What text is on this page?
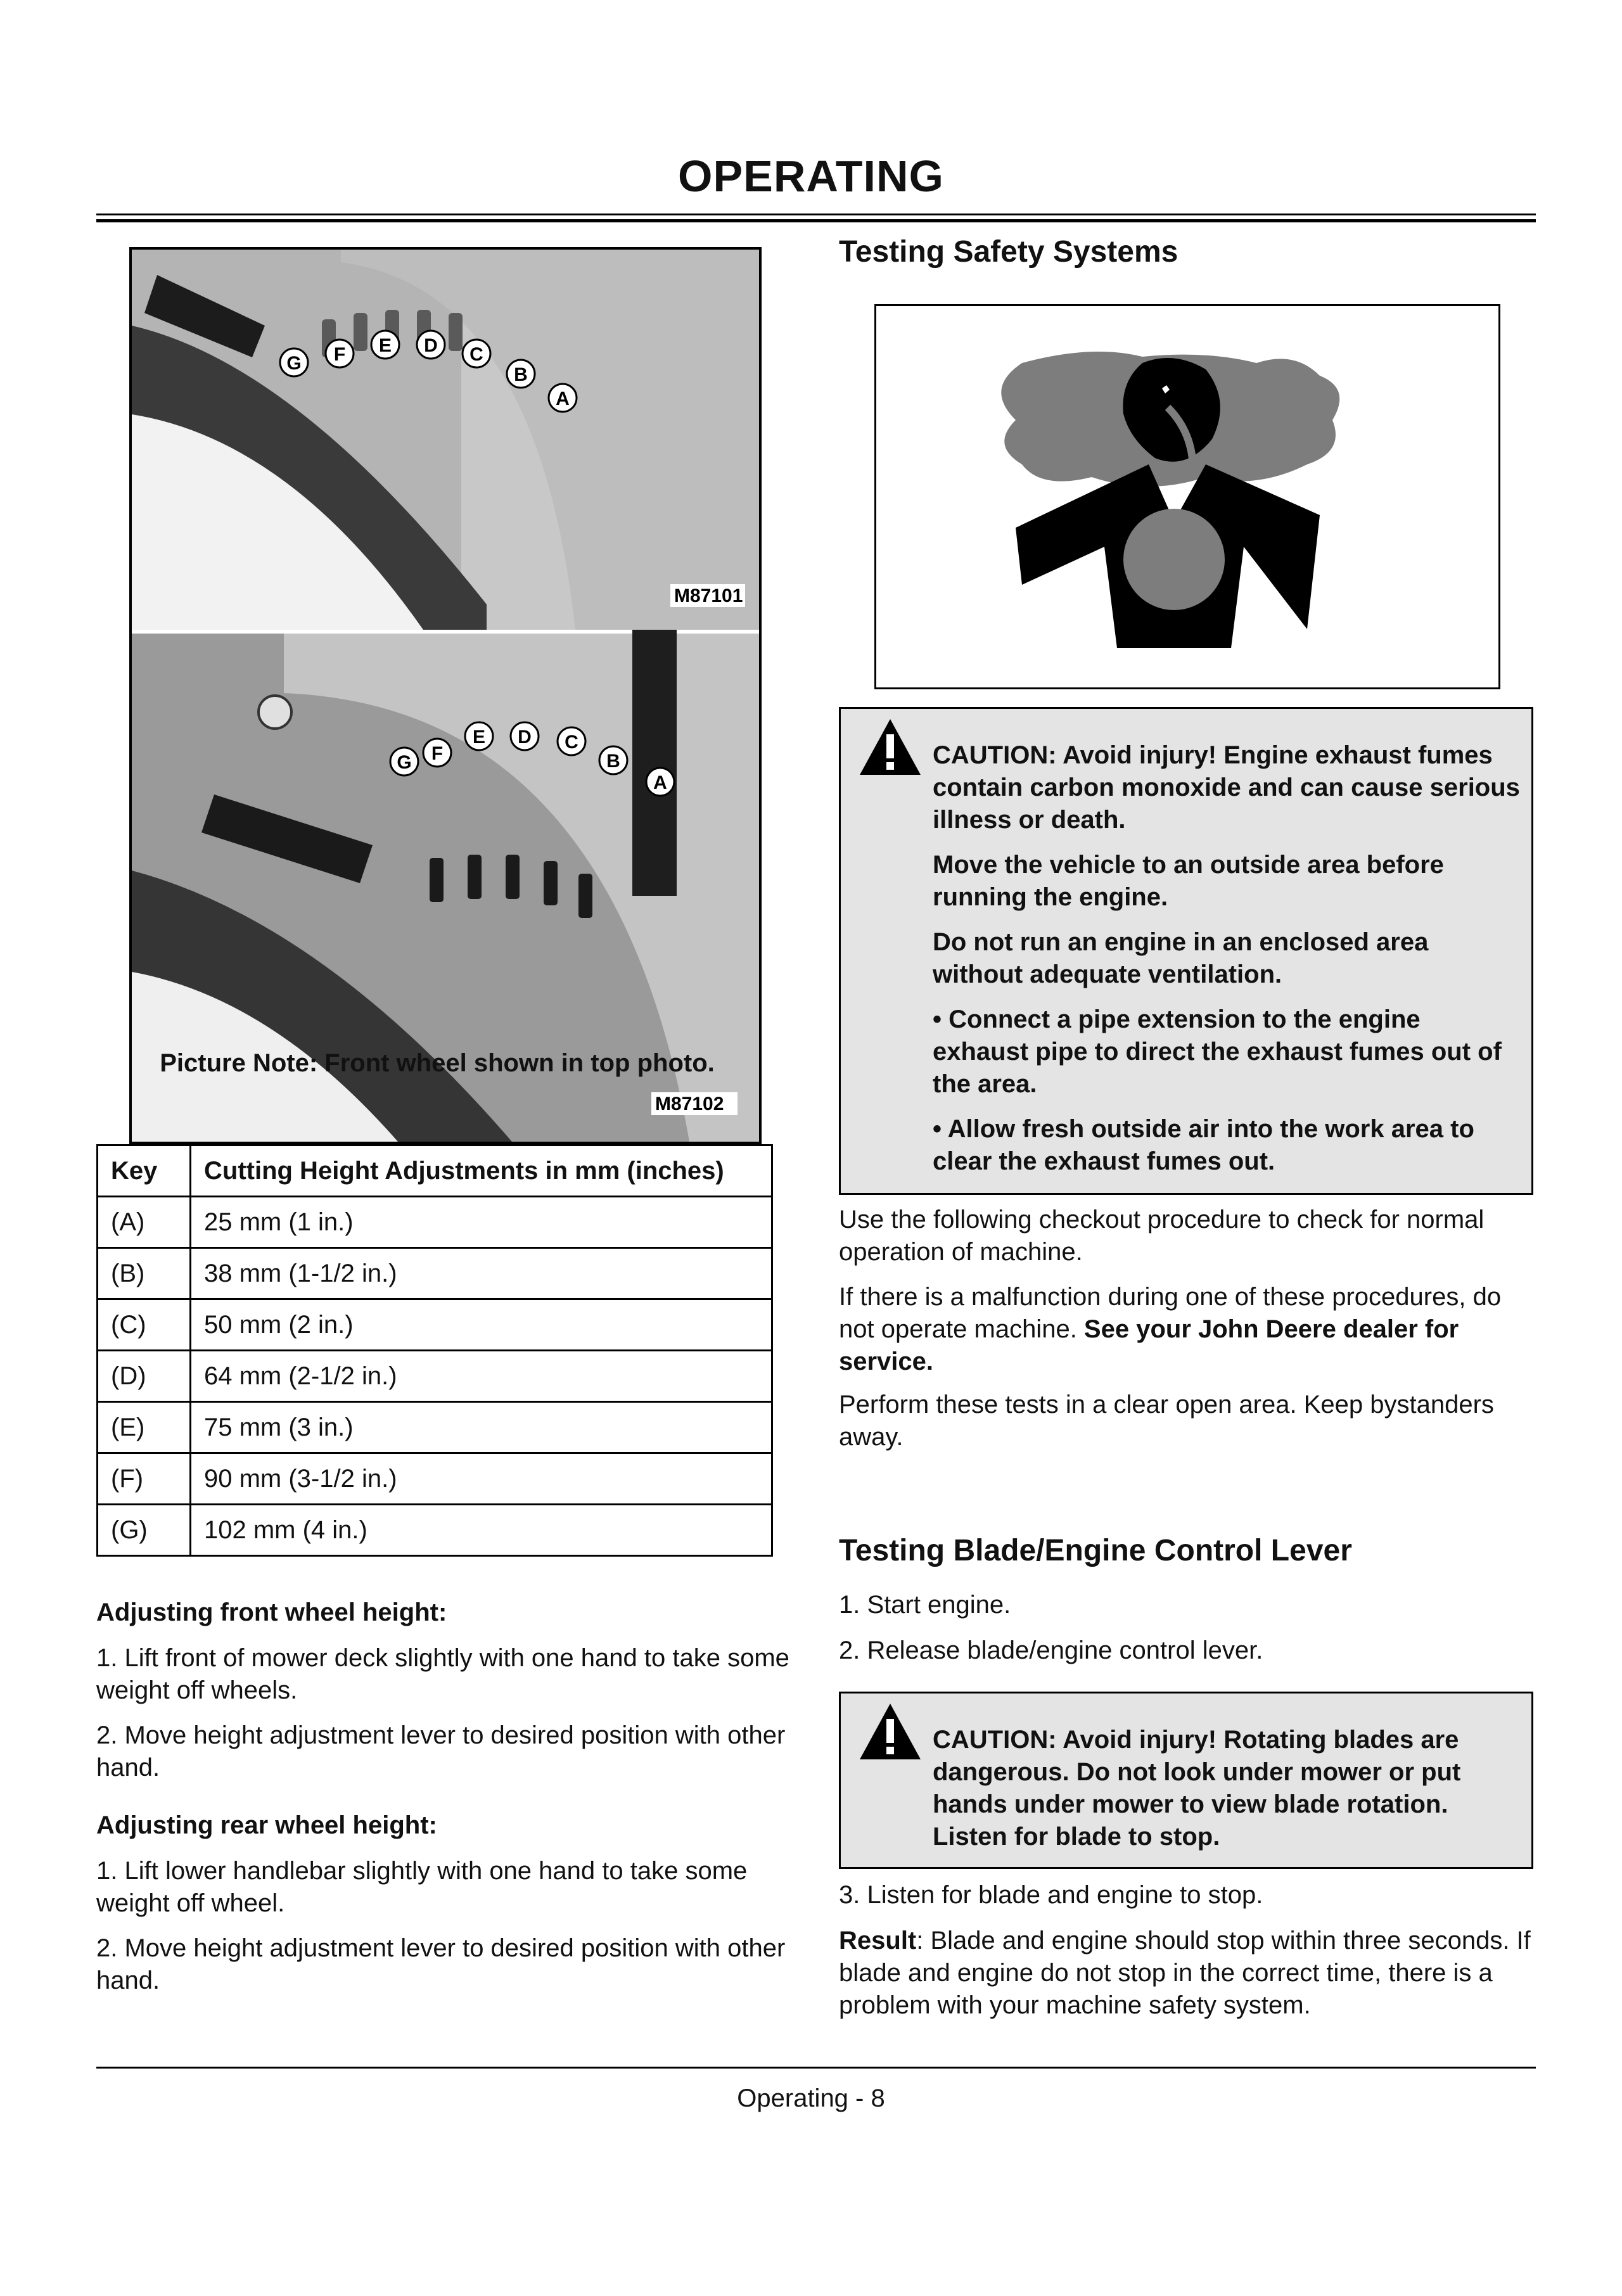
OPERATING
M87101
G F E D C
B
A
M87102
G F
E D C
B
A
Picture Note: Front wheel shown in top photo.
Key	Cutting Height Adjustments in mm (inches)
(A)	25 mm (1 in.)
(B)	38 mm (1-1/2 in.)
(C)	50 mm (2 in.)
(D)	64 mm (2-1/2 in.)
(E)	75 mm (3 in.)
(F)	90 mm (3-1/2 in.)
(G)	102 mm (4 in.)

Adjusting front wheel height:

1. Lift front of mower deck slightly with one hand to take some weight off wheels.

2. Move height adjustment lever to desired position with other hand.

Adjusting rear wheel height:

1. Lift lower handlebar slightly with one hand to take some weight off wheel.

2. Move height adjustment lever to desired position with other hand.

Testing Safety Systems

CAUTION: Avoid injury! Engine exhaust fumes contain carbon monoxide and can cause serious illness or death.

Move the vehicle to an outside area before running the engine.

Do not run an engine in an enclosed area without adequate ventilation.

• Connect a pipe extension to the engine exhaust pipe to direct the exhaust fumes out of the area.

• Allow fresh outside air into the work area to clear the exhaust fumes out.

Use the following checkout procedure to check for normal operation of machine.

If there is a malfunction during one of these procedures, do not operate machine. See your John Deere dealer for service.

Perform these tests in a clear open area. Keep bystanders away.

Testing Blade/Engine Control Lever

1. Start engine.

2. Release blade/engine control lever.

CAUTION: Avoid injury! Rotating blades are dangerous. Do not look under mower or put hands under mower to view blade rotation. Listen for blade to stop.

3. Listen for blade and engine to stop.

Result: Blade and engine should stop within three seconds. If blade and engine do not stop in the correct time, there is a problem with your machine safety system.

Operating - 8
